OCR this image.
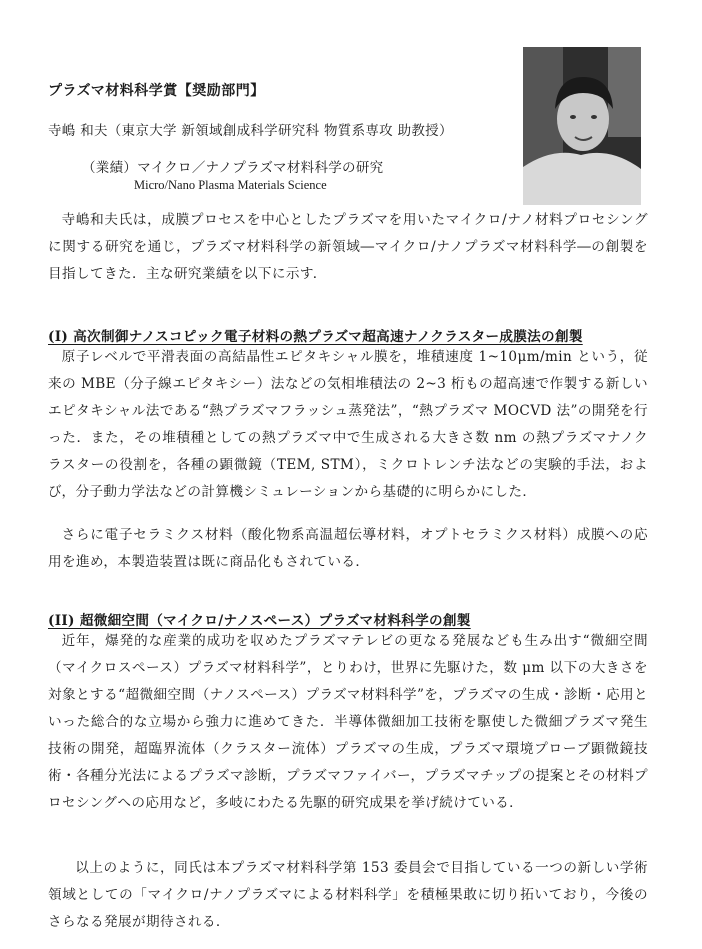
プラズマ材料科学賞【奨励部門】
寺嶋 和夫（東京大学 新領域創成科学研究科 物質系専攻 助教授）
（業績）マイクロ／ナノプラズマ材料科学の研究
Micro/Nano Plasma Materials Science
寺嶋和夫氏は，成膜プロセスを中心としたプラズマを用いたマイクロ/ナノ材料プロセシングに関する研究を通じ，プラズマ材料科学の新領域―マイクロ/ナノプラズマ材料科学―の創製を目指してきた．主な研究業績を以下に示す．
(I) 高次制御ナノスコピック電子材料の熱プラズマ超高速ナノクラスター成膜法の創製
原子レベルで平滑表面の高結晶性エピタキシャル膜を，堆積速度 1~10μm/min という，従来の MBE（分子線エピタキシー）法などの気相堆積法の 2~3 桁もの超高速で作製する新しいエピタキシャル法である“熱プラズマフラッシュ蒸発法”，“熱プラズマ MOCVD 法”の開発を行った．また，その堆積種としての熱プラズマ中で生成される大きさ数 nm の熱プラズマナノクラスターの役割を，各種の顕微鏡（TEM, STM），ミクロトレンチ法などの実験的手法，および，分子動力学法などの計算機シミュレーションから基礎的に明らかにした．
さらに電子セラミクス材料（酸化物系高温超伝導材料，オプトセラミクス材料）成膜への応用を進め，本製造装置は既に商品化もされている．
(II) 超微細空間（マイクロ/ナノスペース）プラズマ材料科学の創製
近年，爆発的な産業的成功を収めたプラズマテレビの更なる発展なども生み出す“微細空間（マイクロスペース）プラズマ材料科学”，とりわけ，世界に先駆けた，数 μm 以下の大きさを対象とする“超微細空間（ナノスペース）プラズマ材料科学”を，プラズマの生成・診断・応用といった総合的な立場から強力に進めてきた．半導体微細加工技術を駆使した微細プラズマ発生技術の開発，超臨界流体（クラスター流体）プラズマの生成，プラズマ環境プローブ顕微鏡技術・各種分光法によるプラズマ診断，プラズマファイバー，プラズマチップの提案とその材料プロセシングへの応用など，多岐にわたる先駆的研究成果を挙げ続けている．
以上のように，同氏は本プラズマ材料科学第 153 委員会で目指している一つの新しい学術領域としての「マイクロ/ナノプラズマによる材料科学」を積極果敢に切り拓いており，今後のさらなる発展が期待される．
